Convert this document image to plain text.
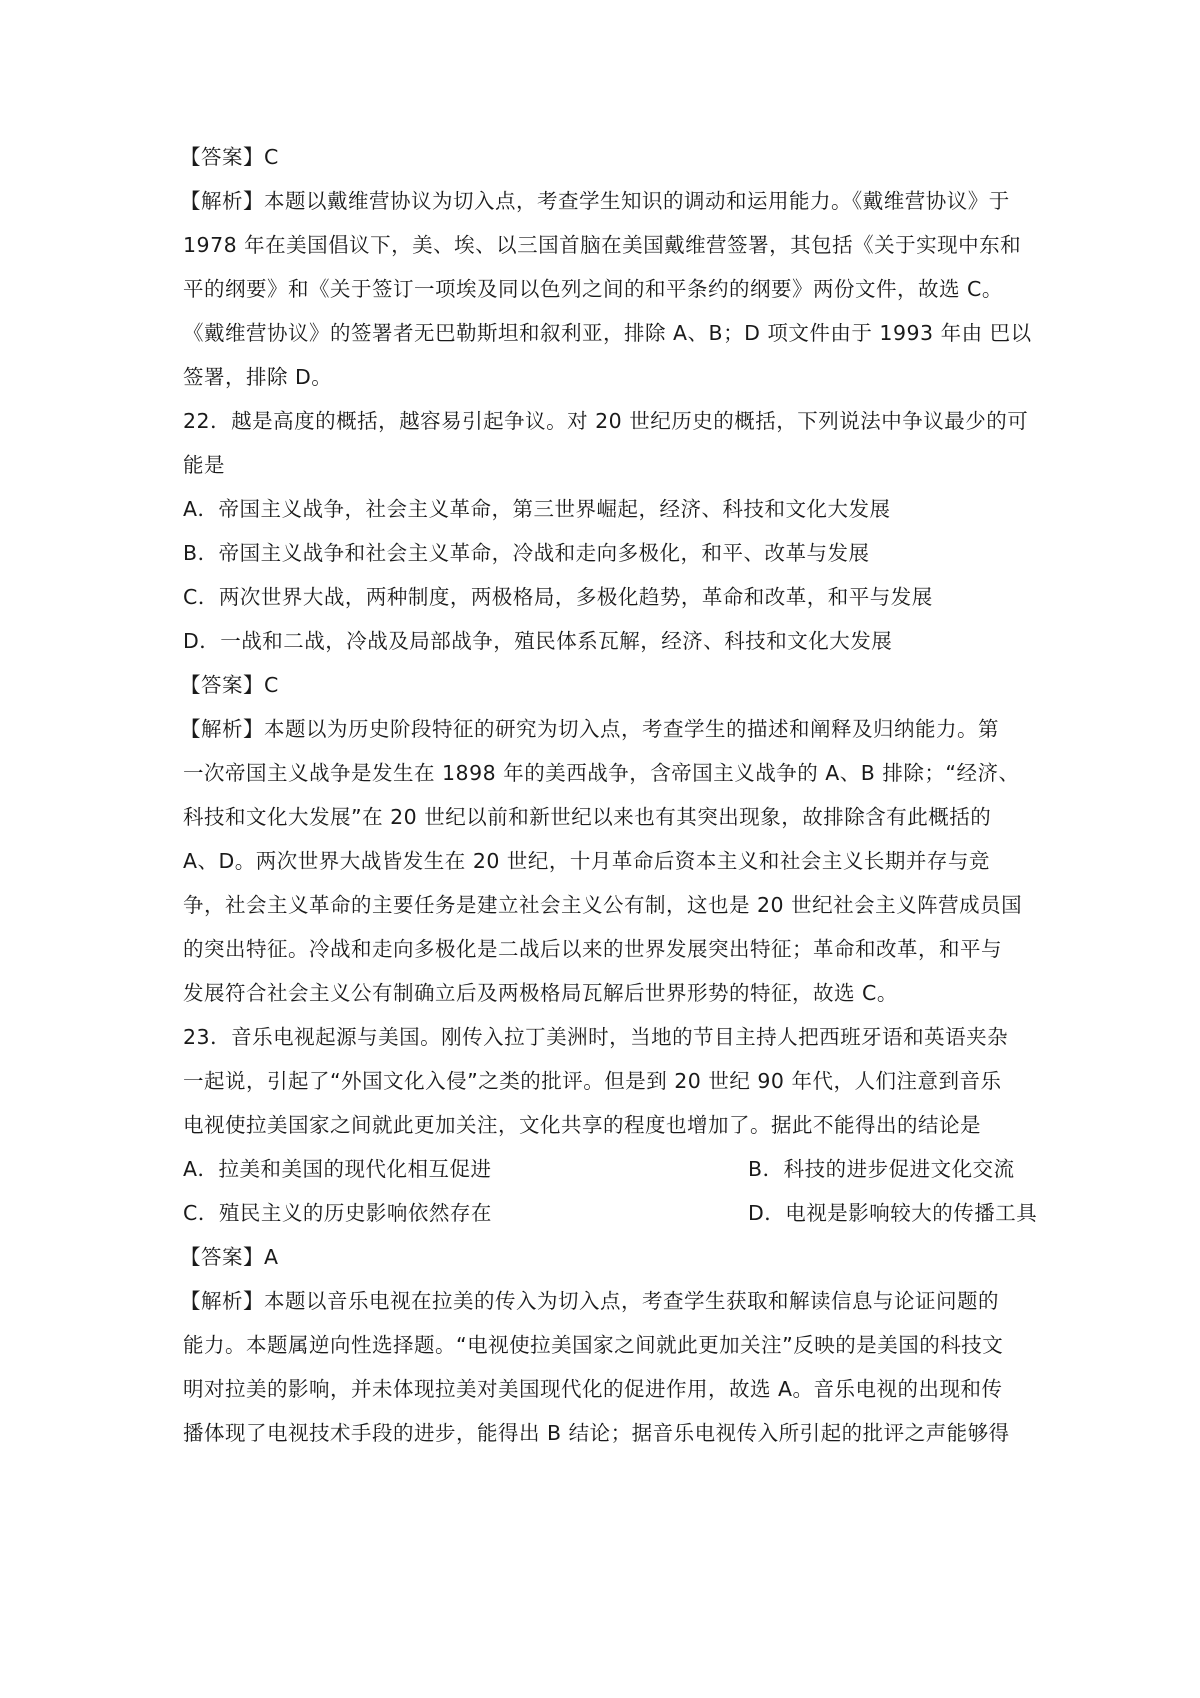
【答案】C
【解析】本题以戴维营协议为切入点，考查学生知识的调动和运用能力。《戴维营协议》于
1978 年在美国倡议下，美、埃、以三国首脑在美国戴维营签署，其包括《关于实现中东和
平的纲要》和《关于签订一项埃及同以色列之间的和平条约的纲要》两份文件，故选 C。
《戴维营协议》的签署者无巴勒斯坦和叙利亚，排除 A、B；D 项文件由于 1993 年由 巴以
签署，排除 D。
22．越是高度的概括，越容易引起争议。对 20 世纪历史的概括，下列说法中争议最少的可
能是
A．帝国主义战争，社会主义革命，第三世界崛起，经济、科技和文化大发展
B．帝国主义战争和社会主义革命，冷战和走向多极化，和平、改革与发展
C．两次世界大战，两种制度，两极格局，多极化趋势，革命和改革，和平与发展
D．一战和二战，冷战及局部战争，殖民体系瓦解，经济、科技和文化大发展
【答案】C
【解析】本题以为历史阶段特征的研究为切入点，考查学生的描述和阐释及归纳能力。第
一次帝国主义战争是发生在 1898 年的美西战争，含帝国主义战争的 A、B 排除；“经济、
科技和文化大发展”在 20 世纪以前和新世纪以来也有其突出现象，故排除含有此概括的
A、D。两次世界大战皆发生在 20 世纪，十月革命后资本主义和社会主义长期并存与竞
争，社会主义革命的主要任务是建立社会主义公有制，这也是 20 世纪社会主义阵营成员国
的突出特征。冷战和走向多极化是二战后以来的世界发展突出特征；革命和改革，和平与
发展符合社会主义公有制确立后及两极格局瓦解后世界形势的特征，故选 C。
23．音乐电视起源与美国。刚传入拉丁美洲时，当地的节目主持人把西班牙语和英语夹杂
一起说，引起了“外国文化入侵”之类的批评。但是到 20 世纪 90 年代，人们注意到音乐
电视使拉美国家之间就此更加关注，文化共享的程度也增加了。据此不能得出的结论是
A．拉美和美国的现代化相互促进	B．科技的进步促进文化交流
C．殖民主义的历史影响依然存在	D．电视是影响较大的传播工具
【答案】A
【解析】本题以音乐电视在拉美的传入为切入点，考查学生获取和解读信息与论证问题的
能力。本题属逆向性选择题。“电视使拉美国家之间就此更加关注”反映的是美国的科技文
明对拉美的影响，并未体现拉美对美国现代化的促进作用，故选 A。音乐电视的出现和传
播体现了电视技术手段的进步，能得出 B 结论；据音乐电视传入所引起的批评之声能够得
